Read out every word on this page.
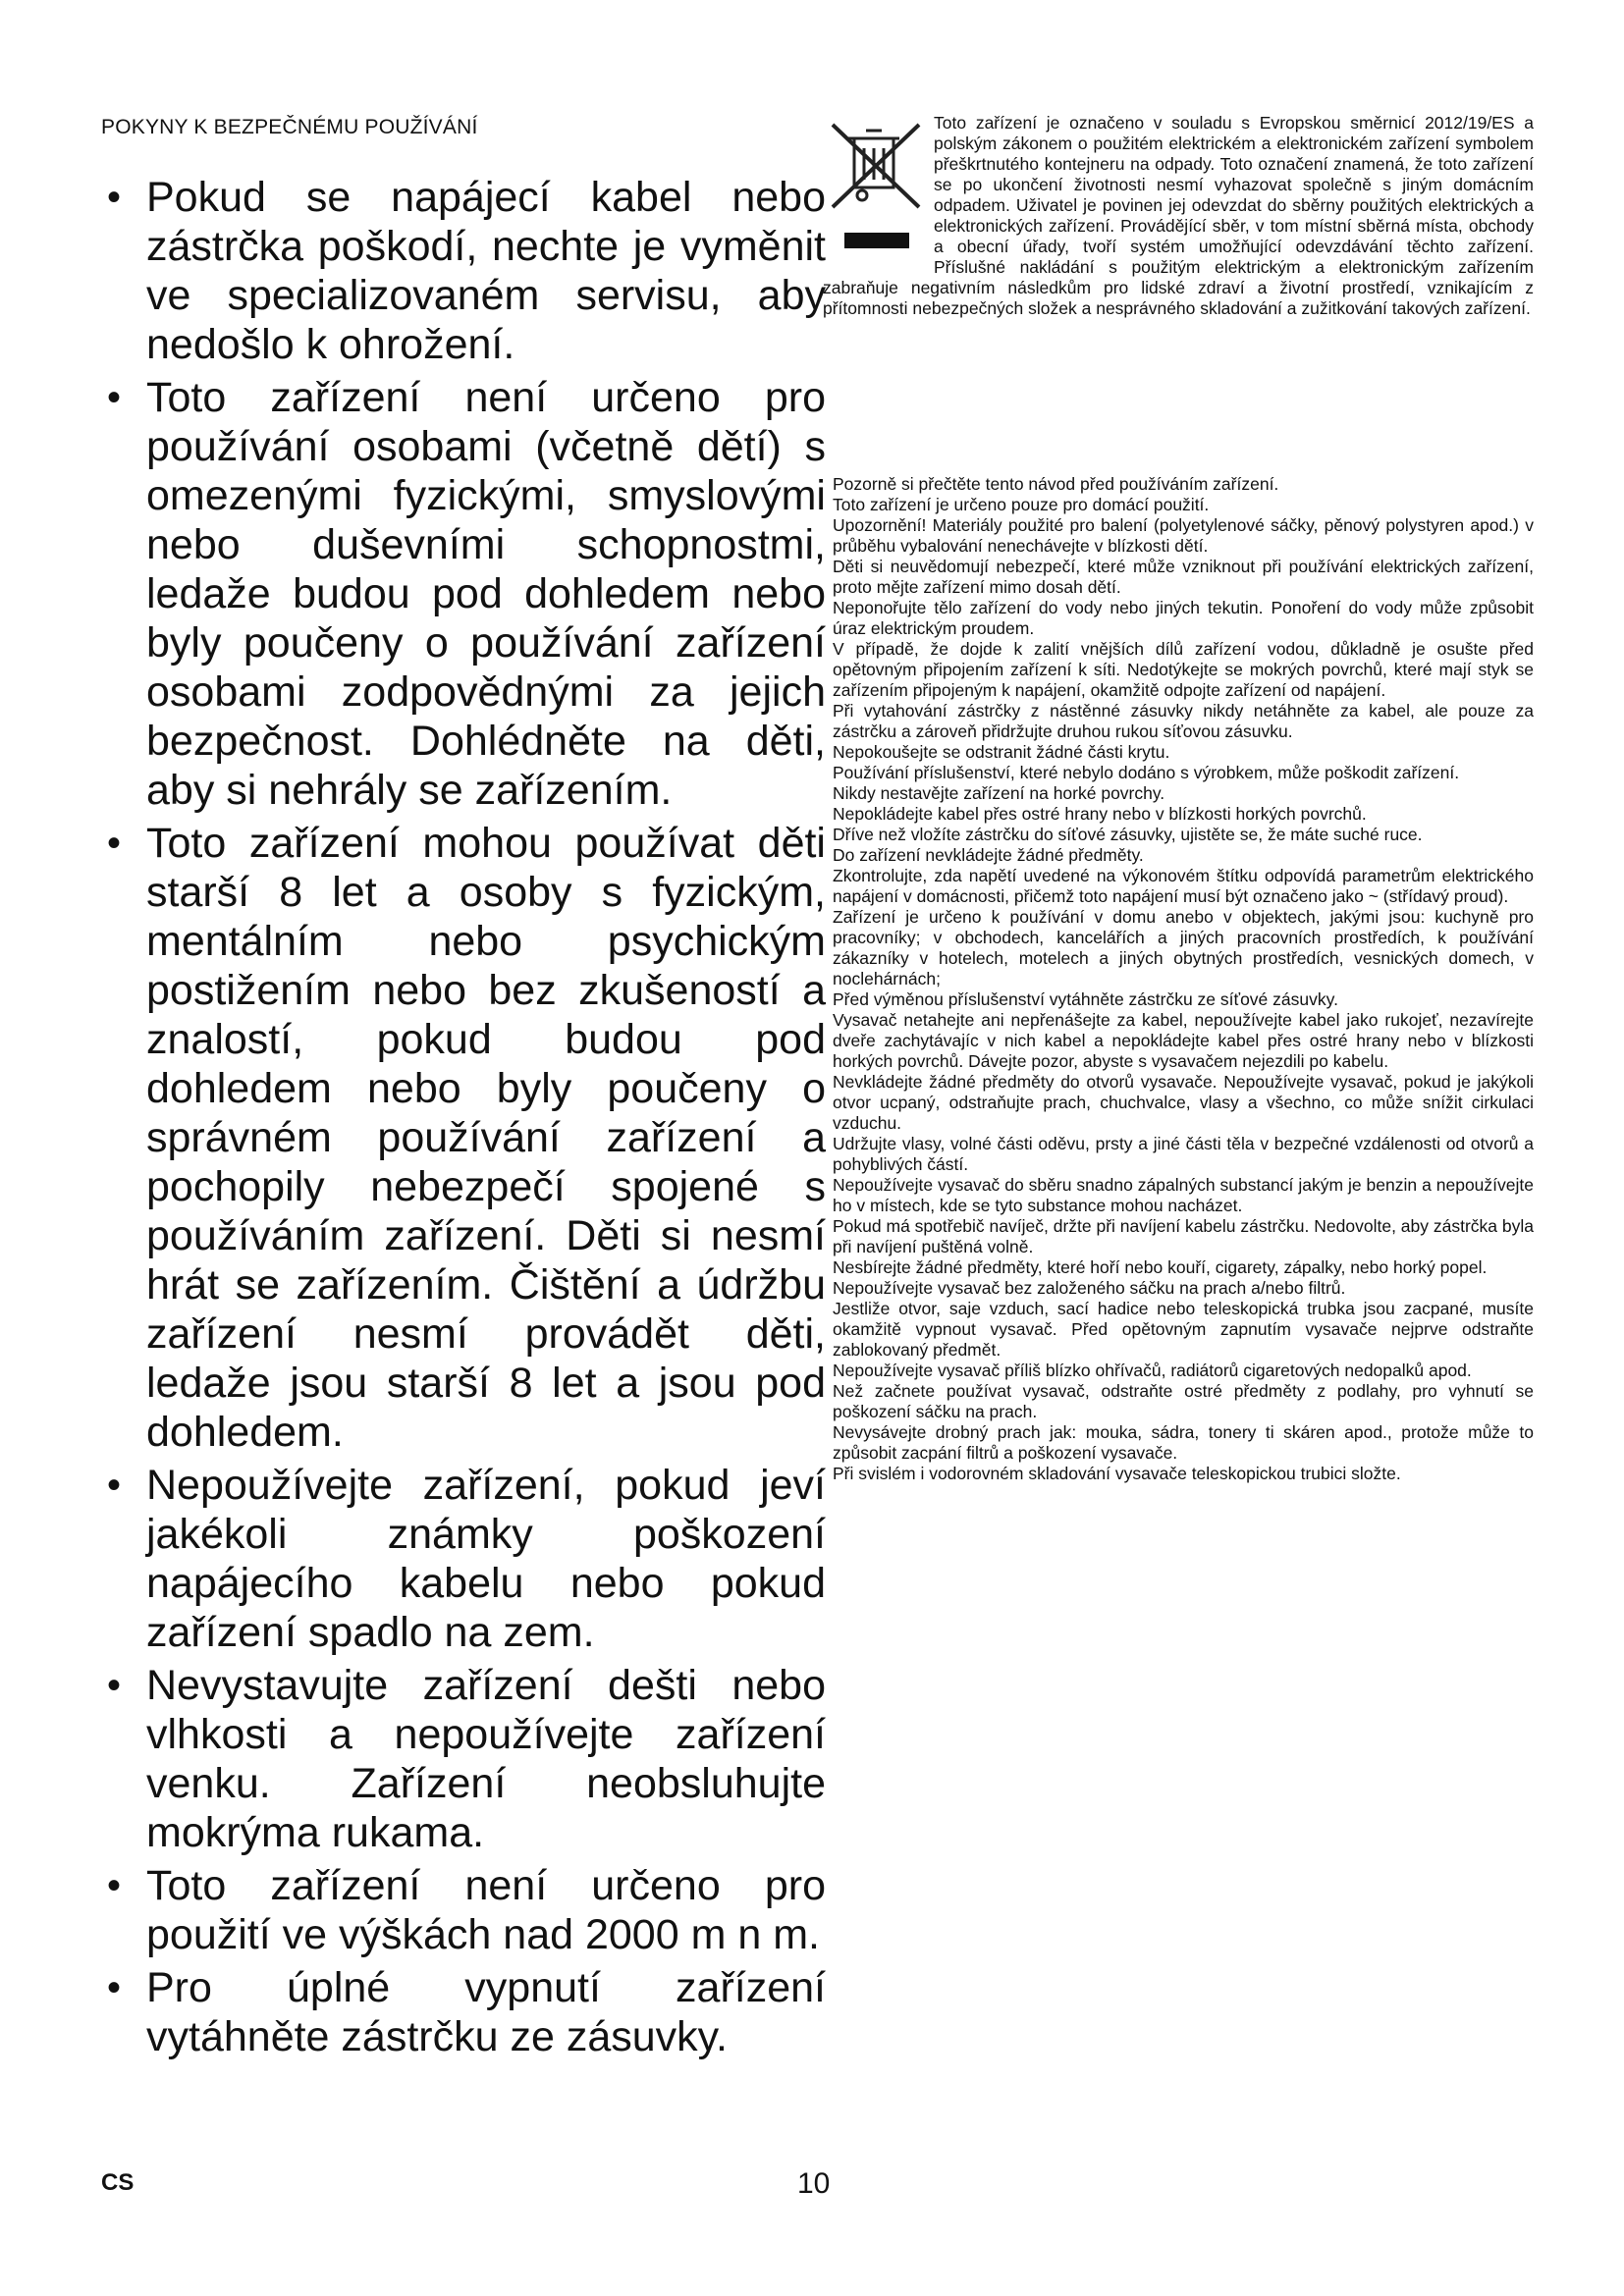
POKYNY K BEZPEČNÉMU POUŽÍVÁNÍ
• Pokud se napájecí kabel nebo zástrčka poškodí, nechte je vyměnit ve specializovaném servisu, aby nedošlo k ohrožení.
• Toto zařízení není určeno pro používání osobami (včetně dětí) s omezenými fyzickými, smyslovými nebo duševními schopnostmi, ledaže budou pod dohledem nebo byly poučeny o používání zařízení osobami zodpovědnými za jejich bezpečnost. Dohlédněte na děti, aby si nehrály se zařízením.
• Toto zařízení mohou používat děti starší 8 let a osoby s fyzickým, mentálním nebo psychickým postižením nebo bez zkušeností a znalostí, pokud budou pod dohledem nebo byly poučeny o správném používání zařízení a pochopily nebezpečí spojené s používáním zařízení. Děti si nesmí hrát se zařízením. Čištění a údržbu zařízení nesmí provádět děti, ledaže jsou starší 8 let a jsou pod dohledem.
• Nepoužívejte zařízení, pokud jeví jakékoli známky poškození napájecího kabelu nebo pokud zařízení spadlo na zem.
• Nevystavujte zařízení dešti nebo vlhkosti a nepoužívejte zařízení venku. Zařízení neobsluhujte mokrýma rukama.
• Toto zařízení není určeno pro použití ve výškách nad 2000 m n m.
• Pro úplné vypnutí zařízení vytáhněte zástrčku ze zásuvky.

Toto zařízení je označeno v souladu s Evropskou směrnicí 2012/19/ES a polským zákonem o použitém elektrickém a elektronickém zařízení symbolem přeškrtnutého kontejneru na odpady. Toto označení znamená, že toto zařízení se po ukončení životnosti nesmí vyhazovat společně s jiným domácním odpadem. Uživatel je povinen jej odevzdat do sběrny použitých elektrických a elektronických zařízení. Provádějící sběr, v tom místní sběrná místa, obchody a obecní úřady, tvoří systém umožňující odevzdávání těchto zařízení. Příslušné nakládání s použitým elektrickým a elektronickým zařízením zabraňuje negativním následkům pro lidské zdraví a životní prostředí, vznikajícím z přítomnosti nebezpečných složek a nesprávného skladování a zužitkování takových zařízení.

Pozorně si přečtěte tento návod před používáním zařízení.

Toto zařízení je určeno pouze pro domácí použití.

Upozornění! Materiály použité pro balení (polyetylenové sáčky, pěnový polystyren apod.) v průběhu vybalování nenechávejte v blízkosti dětí.

Děti si neuvědomují nebezpečí, které může vzniknout při používání elektrických zařízení, proto mějte zařízení mimo dosah dětí.

Neponořujte tělo zařízení do vody nebo jiných tekutin. Ponoření do vody může způsobit úraz elektrickým proudem.

V případě, že dojde k zalití vnějších dílů zařízení vodou, důkladně je osušte před opětovným připojením zařízení k síti. Nedotýkejte se mokrých povrchů, které mají styk se zařízením připojeným k napájení, okamžitě odpojte zařízení od napájení.

Při vytahování zástrčky z nástěnné zásuvky nikdy netáhněte za kabel, ale pouze za zástrčku a zároveň přidržujte druhou rukou síťovou zásuvku.

Nepokoušejte se odstranit žádné části krytu.

Používání příslušenství, které nebylo dodáno s výrobkem, může poškodit zařízení.

Nikdy nestavějte zařízení na horké povrchy.

Nepokládejte kabel přes ostré hrany nebo v blízkosti horkých povrchů.

Dříve než vložíte zástrčku do síťové zásuvky, ujistěte se, že máte suché ruce.

Do zařízení nevkládejte žádné předměty.

Zkontrolujte, zda napětí uvedené na výkonovém štítku odpovídá parametrům elektrického napájení v domácnosti, přičemž toto napájení musí být označeno jako ~ (střídavý proud).

Zařízení je určeno k používání v domu anebo v objektech, jakými jsou: kuchyně pro pracovníky; v obchodech, kancelářích a jiných pracovních prostředích, k používání zákazníky v hotelech, motelech a jiných obytných prostředích, vesnických domech, v noclehárnách;

Před výměnou příslušenství vytáhněte zástrčku ze síťové zásuvky.

Vysavač netahejte ani nepřenášejte za kabel, nepoužívejte kabel jako rukojeť, nezavírejte dveře zachytávajíc v nich kabel a nepokládejte kabel přes ostré hrany nebo v blízkosti horkých povrchů. Dávejte pozor, abyste s vysavačem nejezdili po kabelu.

Nevkládejte žádné předměty do otvorů vysavače. Nepoužívejte vysavač, pokud je jakýkoli otvor ucpaný, odstraňujte prach, chuchvalce, vlasy a všechno, co může snížit cirkulaci vzduchu.

Udržujte vlasy, volné části oděvu, prsty a jiné části těla v bezpečné vzdálenosti od otvorů a pohyblivých částí.

Nepoužívejte vysavač do sběru snadno zápalných substancí jakým je benzin a nepoužívejte ho v místech, kde se tyto substance mohou nacházet.

Pokud má spotřebič navíječ, držte při navíjení kabelu zástrčku. Nedovolte, aby zástrčka byla při navíjení puštěná volně.

Nesbírejte žádné předměty, které hoří nebo kouří, cigarety, zápalky, nebo horký popel.

Nepoužívejte vysavač bez založeného sáčku na prach a/nebo filtrů.

Jestliže otvor, saje vzduch, sací hadice nebo teleskopická trubka jsou zacpané, musíte okamžitě vypnout vysavač. Před opětovným zapnutím vysavače nejprve odstraňte zablokovaný předmět.

Nepoužívejte vysavač příliš blízko ohřívačů, radiátorů cigaretových nedopalků apod.

Než začnete používat vysavač, odstraňte ostré předměty z podlahy, pro vyhnutí se poškození sáčku na prach.

Nevysávejte drobný prach jak: mouka, sádra, tonery ti skáren apod., protože může to způsobit zacpání filtrů a poškození vysavače.

Při svislém i vodorovném skladování vysavače teleskopickou trubici složte.

CS	10
